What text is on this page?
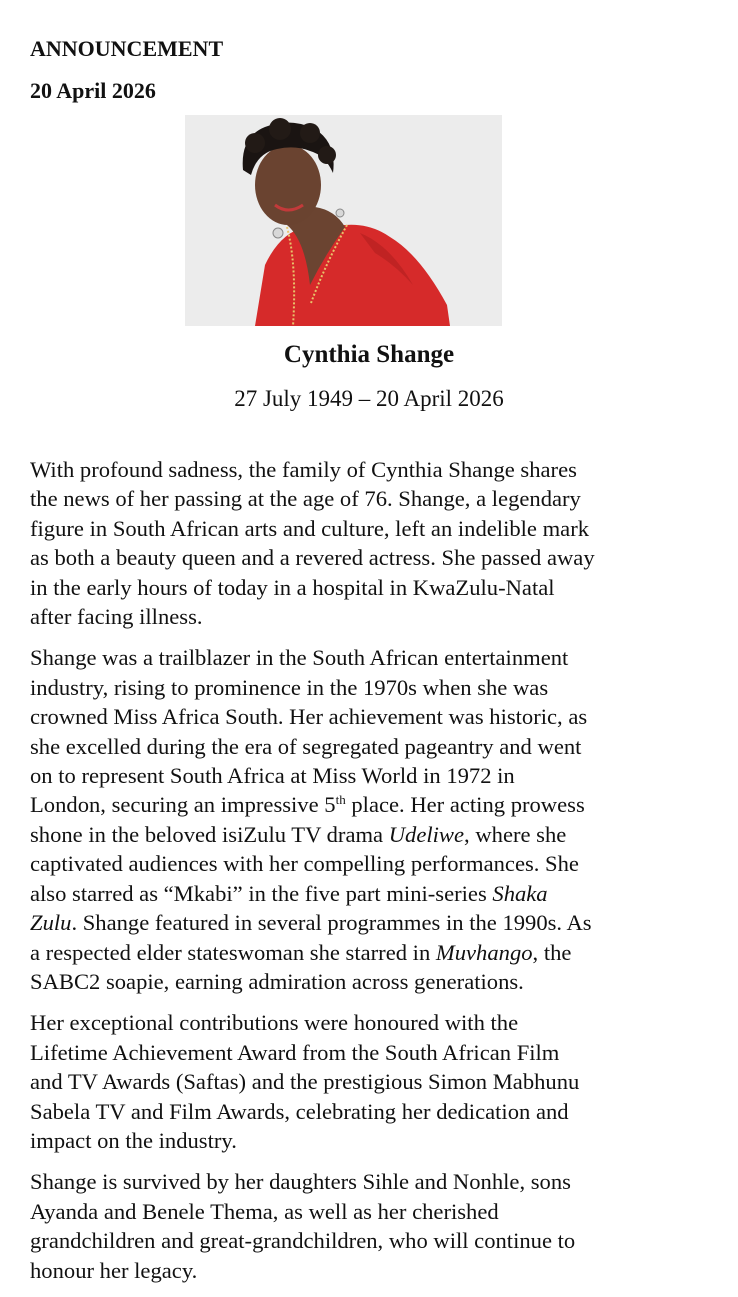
ANNOUNCEMENT
20 April 2026
Cynthia Shange
27 July 1949 – 20 April 2026

With profound sadness, the family of Cynthia Shange shares
the news of her passing at the age of 76. Shange, a legendary
figure in South African arts and culture, left an indelible mark
as both a beauty queen and a revered actress. She passed away
in the early hours of today in a hospital in KwaZulu-Natal
after facing illness.

Shange was a trailblazer in the South African entertainment
industry, rising to prominence in the 1970s when she was
crowned Miss Africa South. Her achievement was historic, as
she excelled during the era of segregated pageantry and went
on to represent South Africa at Miss World in 1972 in
London, securing an impressive 5th place. Her acting prowess
shone in the beloved isiZulu TV drama Udeliwe, where she
captivated audiences with her compelling performances. She
also starred as “Mkabi” in the five part mini-series Shaka
Zulu. Shange featured in several programmes in the 1990s. As
a respected elder stateswoman she starred in Muvhango, the
SABC2 soapie, earning admiration across generations.

Her exceptional contributions were honoured with the
Lifetime Achievement Award from the South African Film
and TV Awards (Saftas) and the prestigious Simon Mabhunu
Sabela TV and Film Awards, celebrating her dedication and
impact on the industry.

Shange is survived by her daughters Sihle and Nonhle, sons
Ayanda and Benele Thema, as well as her cherished
grandchildren and great-grandchildren, who will continue to
honour her legacy.
